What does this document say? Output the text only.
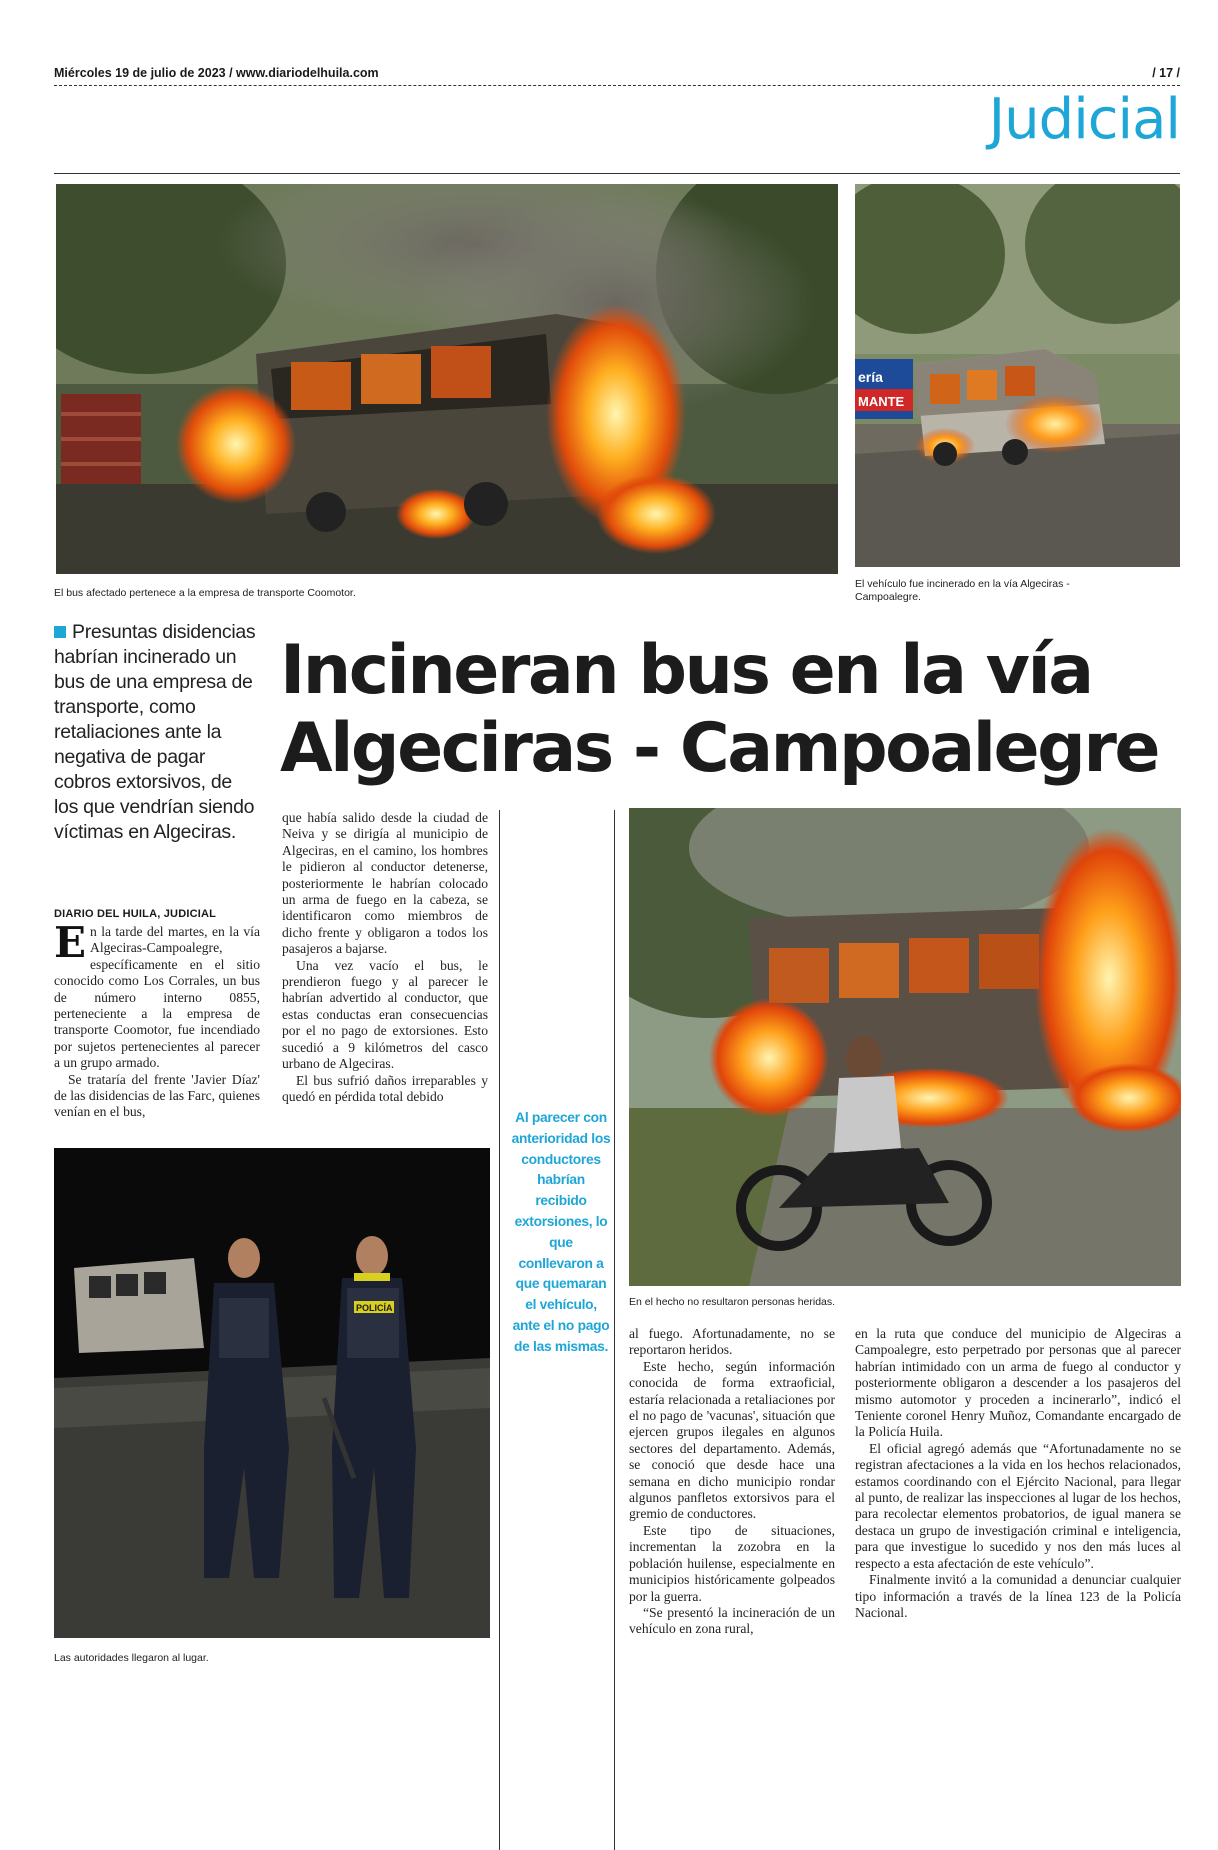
Miércoles 19 de julio de 2023 / www.diariodelhuila.com	/ 17 /
Judicial
El bus afectado pertenece a la empresa de transporte Coomotor.
ería
MANTE
El vehículo fue incinerado en la vía Algeciras - Campoalegre.
Presuntas disidencias habrían incinerado un bus de una empresa de transporte, como retaliaciones ante la negativa de pagar cobros extorsivos, de los que vendrían siendo víctimas en Algeciras.
Incineran bus en la vía
Algeciras - Campoalegre
DIARIO DEL HUILA, JUDICIAL

En la tarde del martes, en la vía Algeciras-Campoalegre, específicamente en el sitio conocido como Los Corrales, un bus de número interno 0855, perteneciente a la empresa de transporte Coomotor, fue incendiado por sujetos pertenecientes al parecer a un grupo armado.

Se trataría del frente 'Javier Díaz' de las disidencias de las Farc, quienes venían en el bus,

que había salido desde la ciudad de Neiva y se dirigía al municipio de Algeciras, en el camino, los hombres le pidieron al conductor detenerse, posteriormente le habrían colocado un arma de fuego en la cabeza, se identificaron como miembros de dicho frente y obligaron a todos los pasajeros a bajarse.

Una vez vacío el bus, le prendieron fuego y al parecer le habrían advertido al conductor, que estas conductas eran consecuencias por el no pago de extorsiones. Esto sucedió a 9 kilómetros del casco urbano de Algeciras.

El bus sufrió daños irreparables y quedó en pérdida total debido

POLICÍA
Las autoridades llegaron al lugar.
Al parecer con anterioridad los conductores habrían recibido extorsiones, lo que conllevaron a que quemaran el vehículo, ante el no pago de las mismas.
En el hecho no resultaron personas heridas.

al fuego. Afortunadamente, no se reportaron heridos.

Este hecho, según información conocida de forma extraoficial, estaría relacionada a retaliaciones por el no pago de 'vacunas', situación que ejercen grupos ilegales en algunos sectores del departamento. Además, se conoció que desde hace una semana en dicho municipio rondar algunos panfletos extorsivos para el gremio de conductores.

Este tipo de situaciones, incrementan la zozobra en la población huilense, especialmente en municipios históricamente golpeados por la guerra.

“Se presentó la incineración de un vehículo en zona rural,

en la ruta que conduce del municipio de Algeciras a Campoalegre, esto perpetrado por personas que al parecer habrían intimidado con un arma de fuego al conductor y posteriormente obligaron a descender a los pasajeros del mismo automotor y proceden a incinerarlo”, indicó el Teniente coronel Henry Muñoz, Comandante encargado de la Policía Huila.

El oficial agregó además que “Afortunadamente no se registran afectaciones a la vida en los hechos relacionados, estamos coordinando con el Ejército Nacional, para llegar al punto, de realizar las inspecciones al lugar de los hechos, para recolectar elementos probatorios, de igual manera se destaca un grupo de investigación criminal e inteligencia, para que investigue lo sucedido y nos den más luces al respecto a esta afectación de este vehículo”.

Finalmente invitó a la comunidad a denunciar cualquier tipo información a través de la línea 123 de la Policía Nacional.
